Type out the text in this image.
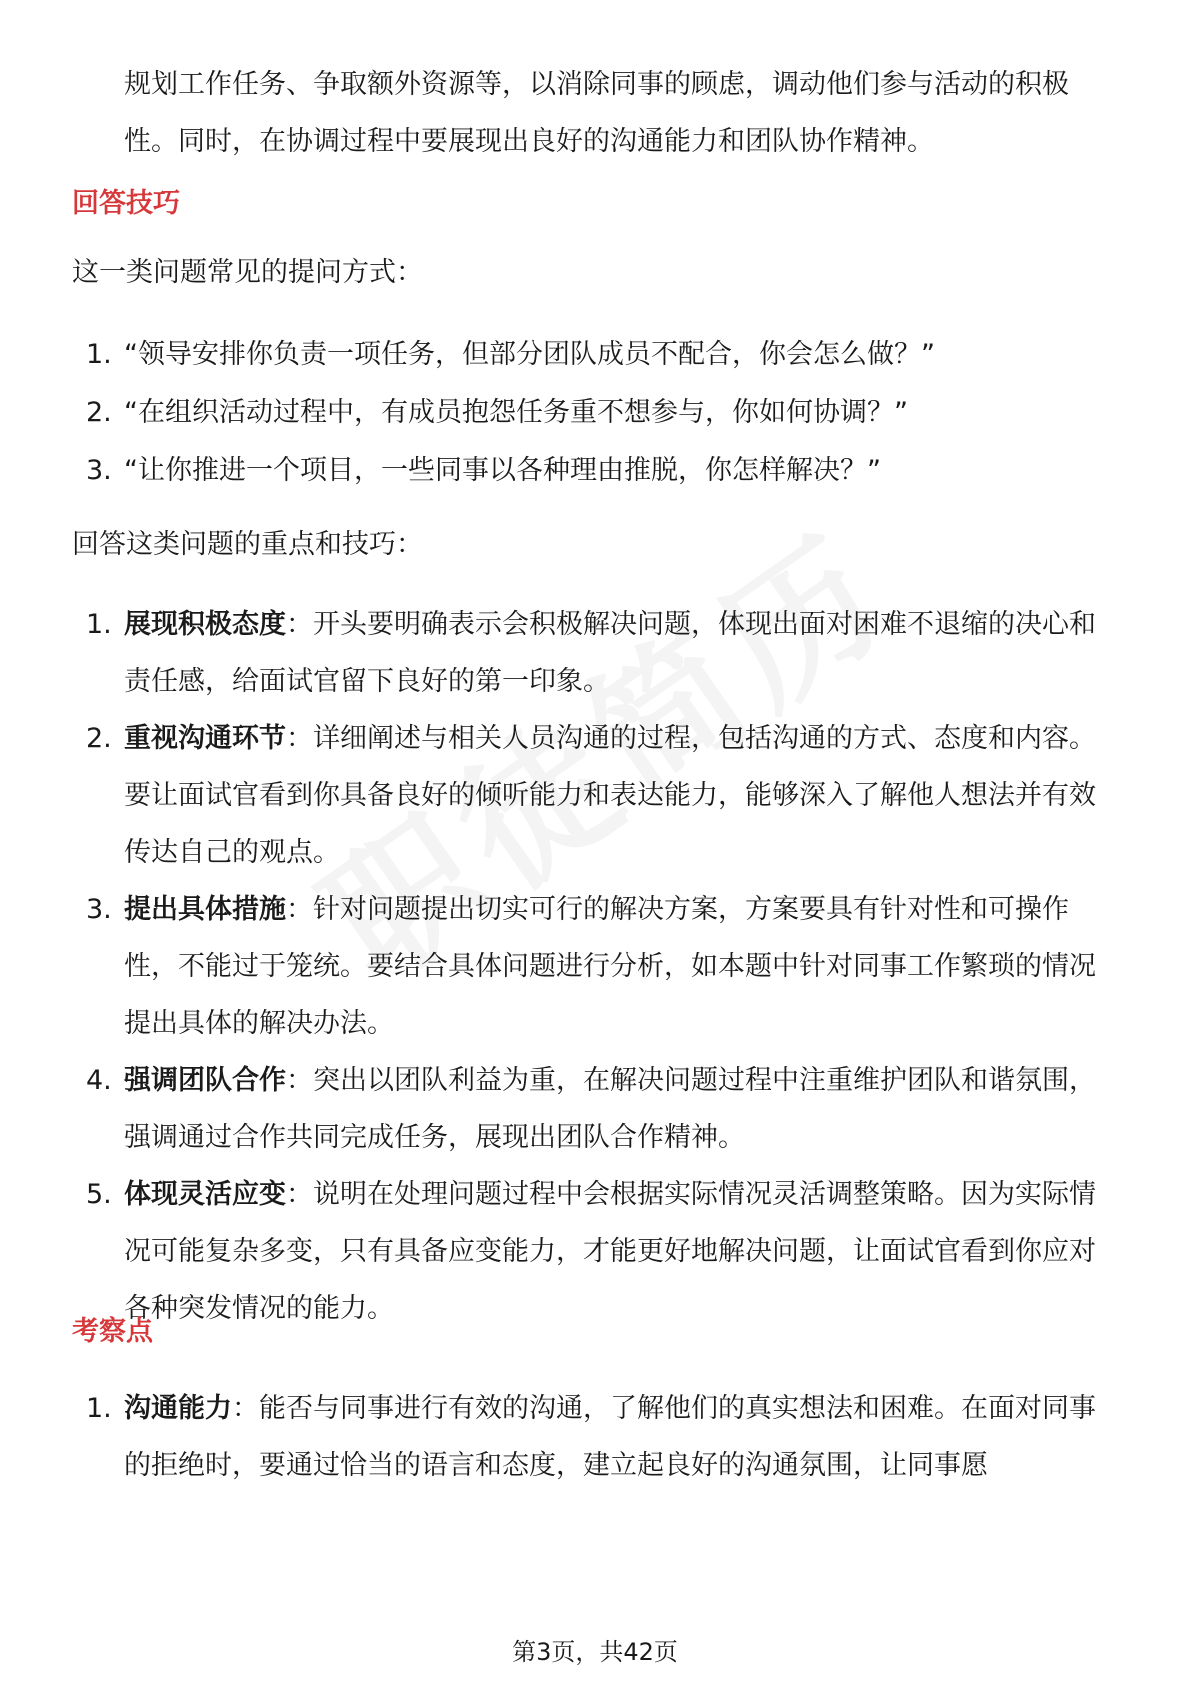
规划工作任务、争取额外资源等，以消除同事的顾虑，调动他们参与活动的积极性。同时，在协调过程中要展现出良好的沟通能力和团队协作精神。
回答技巧
这一类问题常见的提问方式：
1. “领导安排你负责一项任务，但部分团队成员不配合，你会怎么做？”
2. “在组织活动过程中，有成员抱怨任务重不想参与，你如何协调？”
3. “让你推进一个项目，一些同事以各种理由推脱，你怎样解决？”
回答这类问题的重点和技巧：
1. 展现积极态度：开头要明确表示会积极解决问题，体现出面对困难不退缩的决心和责任感，给面试官留下良好的第一印象。
2. 重视沟通环节：详细阐述与相关人员沟通的过程，包括沟通的方式、态度和内容。要让面试官看到你具备良好的倾听能力和表达能力，能够深入了解他人想法并有效传达自己的观点。
3. 提出具体措施：针对问题提出切实可行的解决方案，方案要具有针对性和可操作性，不能过于笼统。要结合具体问题进行分析，如本题中针对同事工作繁琐的情况提出具体的解决办法。
4. 强调团队合作：突出以团队利益为重，在解决问题过程中注重维护团队和谐氛围，强调通过合作共同完成任务，展现出团队合作精神。
5. 体现灵活应变：说明在处理问题过程中会根据实际情况灵活调整策略。因为实际情况可能复杂多变，只有具备应变能力，才能更好地解决问题，让面试官看到你应对各种突发情况的能力。
考察点
1. 沟通能力：能否与同事进行有效的沟通，了解他们的真实想法和困难。在面对同事的拒绝时，要通过恰当的语言和态度，建立起良好的沟通氛围，让同事愿
第3页，共42页
